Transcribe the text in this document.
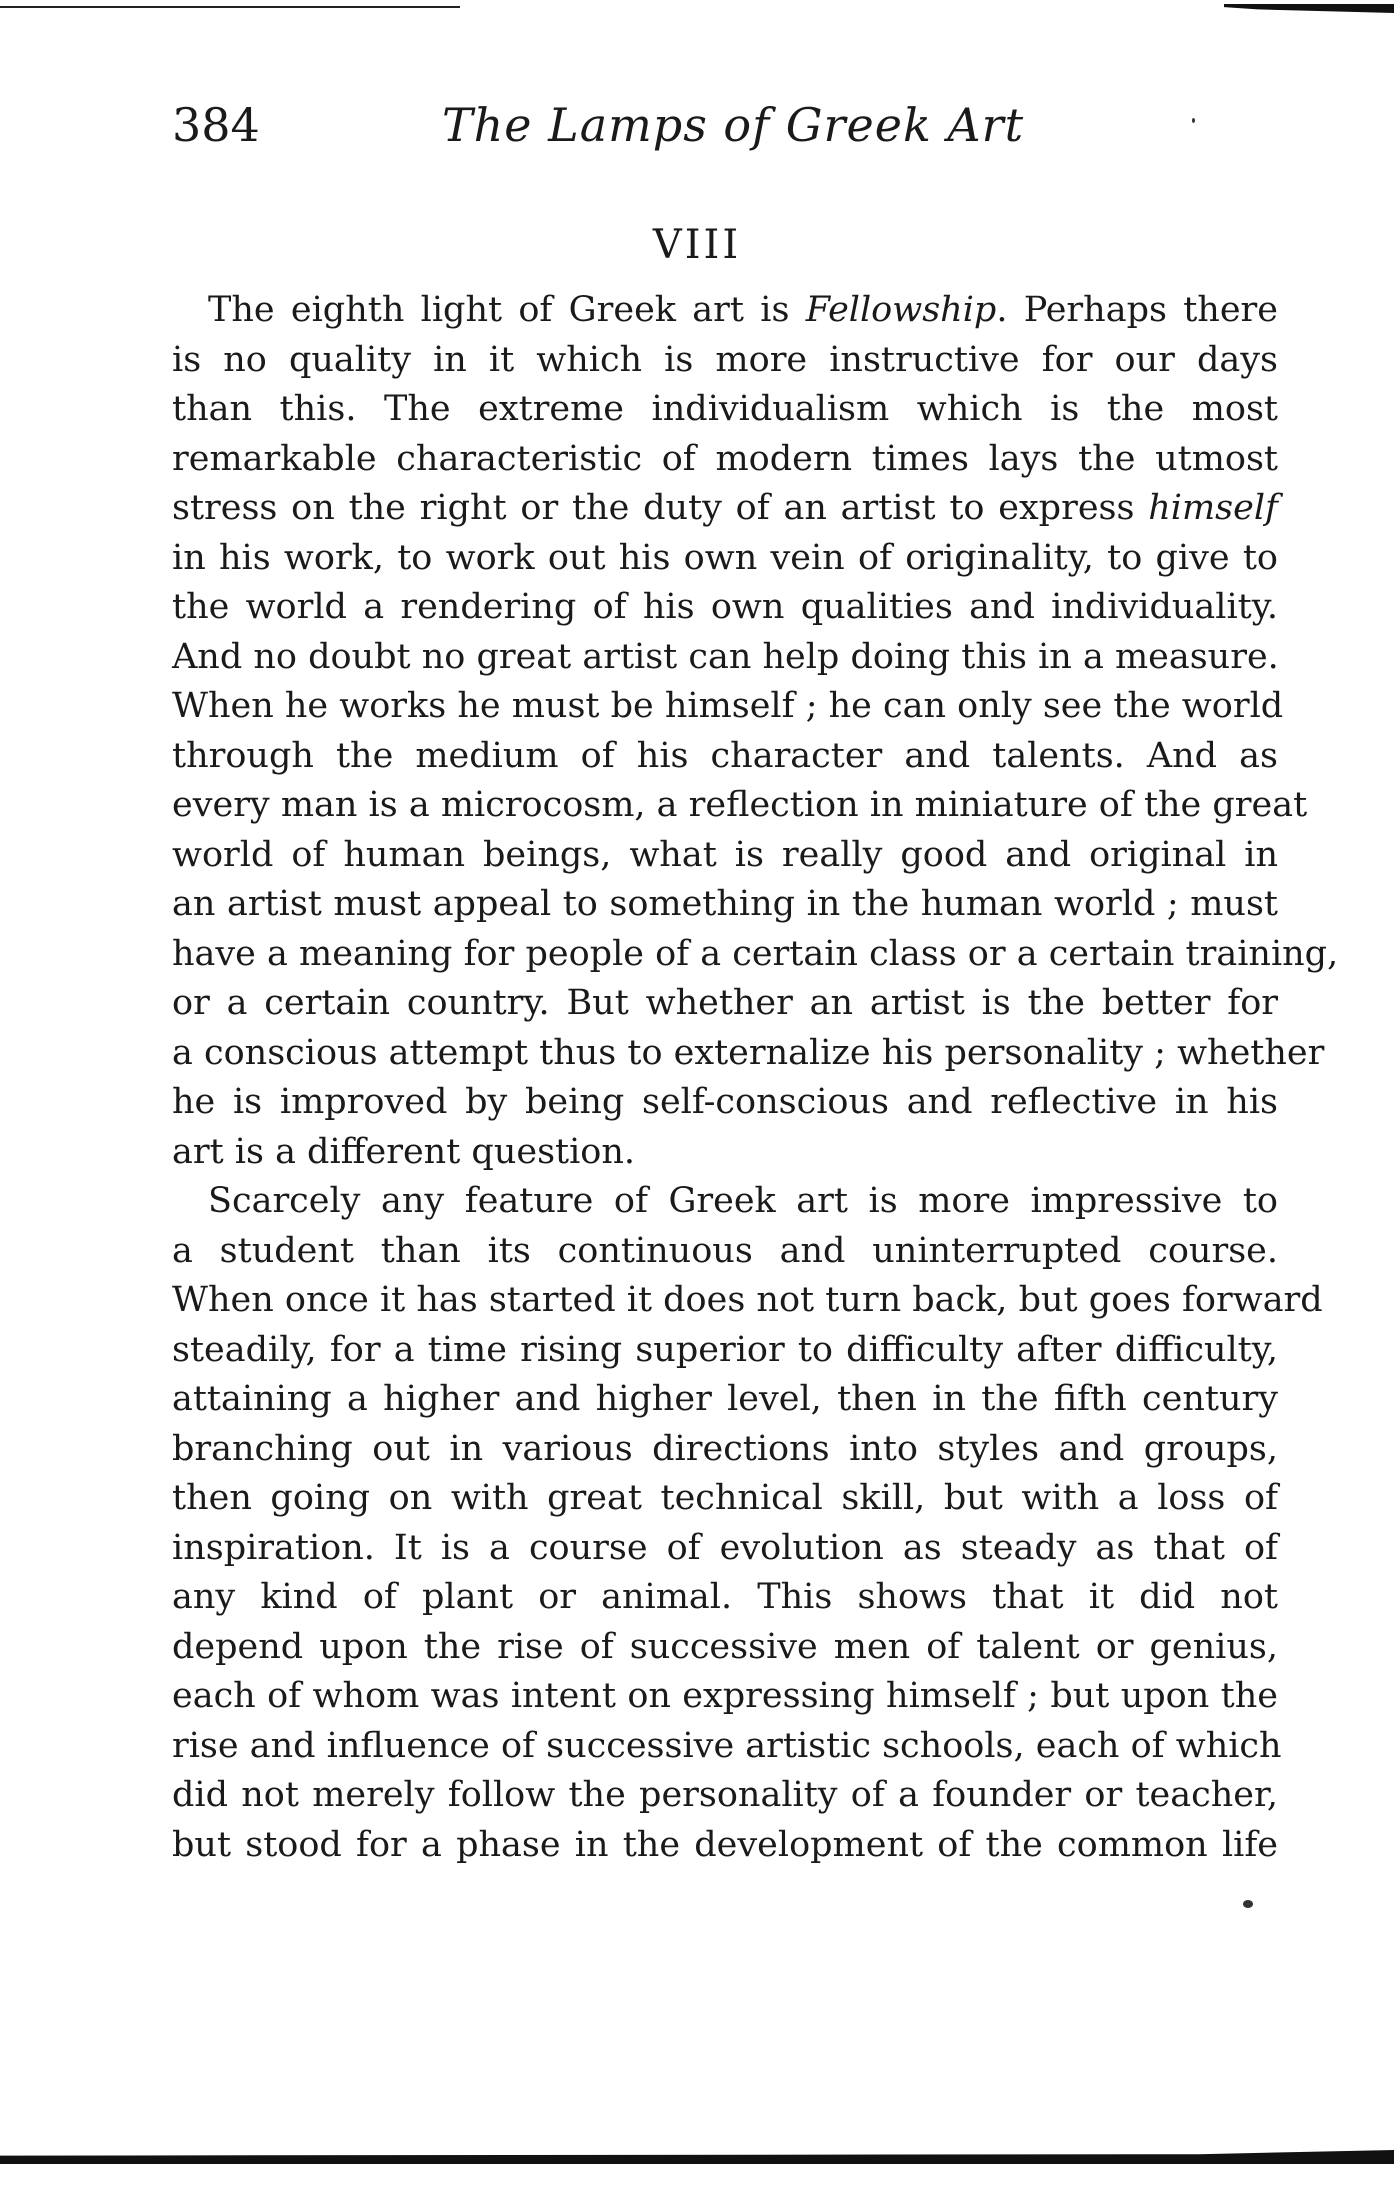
384	The Lamps of Greek Art
VIII
The eighth light of Greek art is Fellowship. Perhaps there
is no quality in it which is more instructive for our days
than this. The extreme individualism which is the most
remarkable characteristic of modern times lays the utmost
stress on the right or the duty of an artist to express himself
in his work, to work out his own vein of originality, to give to
the world a rendering of his own qualities and individuality.
And no doubt no great artist can help doing this in a measure.
When he works he must be himself ; he can only see the world
through the medium of his character and talents. And as
every man is a microcosm, a reflection in miniature of the great
world of human beings, what is really good and original in
an artist must appeal to something in the human world ; must
have a meaning for people of a certain class or a certain training,
or a certain country. But whether an artist is the better for
a conscious attempt thus to externalize his personality ; whether
he is improved by being self-conscious and reflective in his
art is a different question.
Scarcely any feature of Greek art is more impressive to
a student than its continuous and uninterrupted course.
When once it has started it does not turn back, but goes forward
steadily, for a time rising superior to difficulty after difficulty,
attaining a higher and higher level, then in the fifth century
branching out in various directions into styles and groups,
then going on with great technical skill, but with a loss of
inspiration. It is a course of evolution as steady as that of
any kind of plant or animal. This shows that it did not
depend upon the rise of successive men of talent or genius,
each of whom was intent on expressing himself ; but upon the
rise and influence of successive artistic schools, each of which
did not merely follow the personality of a founder or teacher,
but stood for a phase in the development of the common life
